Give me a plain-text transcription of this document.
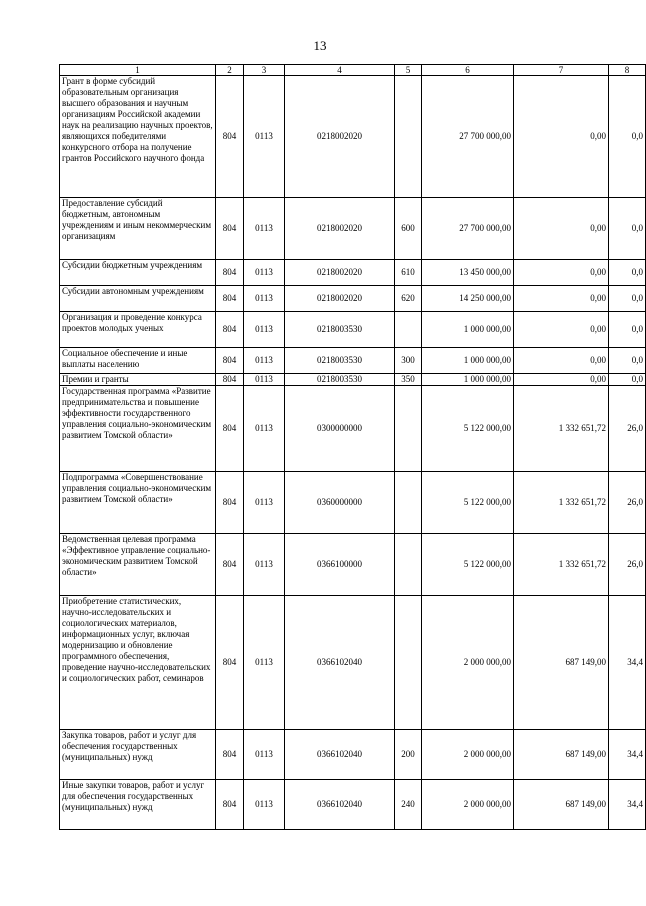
13
1	2	3	4	5	6	7	8
Грант в форме субсидий образовательным организация высшего образования и научным организациям Российской академии наук на реализацию научных проектов, являющихся победителями конкурсного отбора на получение грантов Российского научного фонда	804	0113	0218002020		27 700 000,00	0,00	0,0
Предоставление субсидий бюджетным, автономным учреждениям и иным некоммерческим организациям	804	0113	0218002020	600	27 700 000,00	0,00	0,0
Субсидии бюджетным учреждениям	804	0113	0218002020	610	13 450 000,00	0,00	0,0
Субсидии автономным учреждениям	804	0113	0218002020	620	14 250 000,00	0,00	0,0
Организация и проведение конкурса проектов молодых ученых	804	0113	0218003530		1 000 000,00	0,00	0,0
Социальное обеспечение и иные выплаты населению	804	0113	0218003530	300	1 000 000,00	0,00	0,0
Премии и гранты	804	0113	0218003530	350	1 000 000,00	0,00	0,0
Государственная программа «Развитие предпринимательства и повышение эффективности государственного управления социально-экономическим развитием Томской области»	804	0113	0300000000		5 122 000,00	1 332 651,72	26,0
Подпрограмма «Совершенствование управления социально-экономическим развитием Томской области»	804	0113	0360000000		5 122 000,00	1 332 651,72	26,0
Ведомственная целевая программа «Эффективное управление социально-экономическим развитием Томской области»	804	0113	0366100000		5 122 000,00	1 332 651,72	26,0
Приобретение статистических, научно-исследовательских и социологических материалов, информационных услуг, включая модернизацию и обновление программного обеспечения, проведение научно-исследовательских и социологических работ, семинаров	804	0113	0366102040		2 000 000,00	687 149,00	34,4
Закупка товаров, работ и услуг для обеспечения государственных (муниципальных) нужд	804	0113	0366102040	200	2 000 000,00	687 149,00	34,4
Иные закупки товаров, работ и услуг для обеспечения государственных (муниципальных) нужд	804	0113	0366102040	240	2 000 000,00	687 149,00	34,4
